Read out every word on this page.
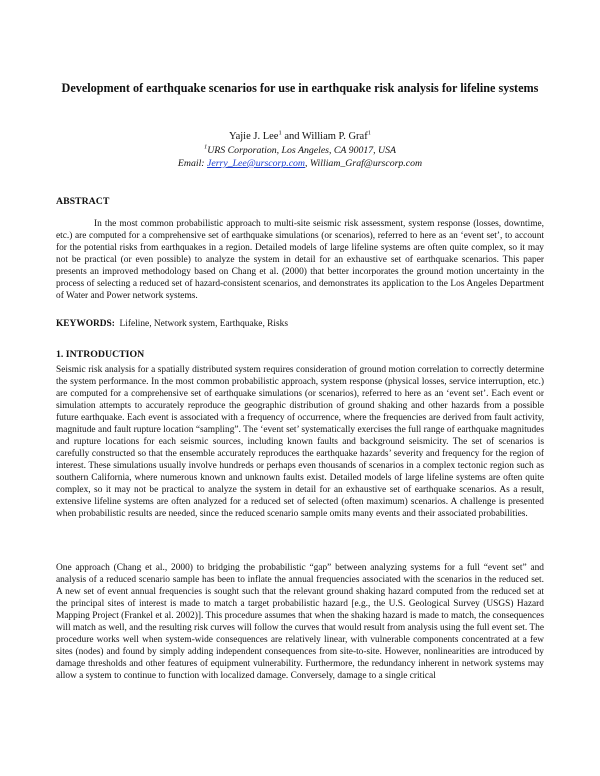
Development of earthquake scenarios for use in earthquake risk analysis for lifeline systems
Yajie J. Lee$^1$ and William P. Graf$^1$
$^1$URS Corporation, Los Angeles, CA 90017, USA
Email: Jerry_Lee@urscorp.com, William_Graf@urscorp.com
ABSTRACT
In the most common probabilistic approach to multi-site seismic risk assessment, system response (losses, downtime, etc.) are computed for a comprehensive set of earthquake simulations (or scenarios), referred to here as an ‘event set’, to account for the potential risks from earthquakes in a region. Detailed models of large lifeline systems are often quite complex, so it may not be practical (or even possible) to analyze the system in detail for an exhaustive set of earthquake scenarios. This paper presents an improved methodology based on Chang et al. (2000) that better incorporates the ground motion uncertainty in the process of selecting a reduced set of hazard-consistent scenarios, and demonstrates its application to the Los Angeles Department of Water and Power network systems.
KEYWORDS:  Lifeline, Network system, Earthquake, Risks
1. INTRODUCTION
Seismic risk analysis for a spatially distributed system requires consideration of ground motion correlation to correctly determine the system performance. In the most common probabilistic approach, system response (physical losses, service interruption, etc.) are computed for a comprehensive set of earthquake simulations (or scenarios), referred to here as an ‘event set’. Each event or simulation attempts to accurately reproduce the geographic distribution of ground shaking and other hazards from a possible future earthquake. Each event is associated with a frequency of occurrence, where the frequencies are derived from fault activity, magnitude and fault rupture location “sampling”. The ‘event set’ systematically exercises the full range of earthquake magnitudes and rupture locations for each seismic sources, including known faults and background seismicity. The set of scenarios is carefully constructed so that the ensemble accurately reproduces the earthquake hazards’ severity and frequency for the region of interest. These simulations usually involve hundreds or perhaps even thousands of scenarios in a complex tectonic region such as southern California, where numerous known and unknown faults exist. Detailed models of large lifeline systems are often quite complex, so it may not be practical to analyze the system in detail for an exhaustive set of earthquake scenarios. As a result, extensive lifeline systems are often analyzed for a reduced set of selected (often maximum) scenarios. A challenge is presented when probabilistic results are needed, since the reduced scenario sample omits many events and their associated probabilities.
One approach (Chang et al., 2000) to bridging the probabilistic “gap” between analyzing systems for a full “event set” and analysis of a reduced scenario sample has been to inflate the annual frequencies associated with the scenarios in the reduced set. A new set of event annual frequencies is sought such that the relevant ground shaking hazard computed from the reduced set at the principal sites of interest is made to match a target probabilistic hazard [e.g., the U.S. Geological Survey (USGS) Hazard Mapping Project (Frankel et al. 2002)]. This procedure assumes that when the shaking hazard is made to match, the consequences will match as well, and the resulting risk curves will follow the curves that would result from analysis using the full event set. The procedure works well when system-wide consequences are relatively linear, with vulnerable components concentrated at a few sites (nodes) and found by simply adding independent consequences from site-to-site. However, nonlinearities are introduced by damage thresholds and other features of equipment vulnerability. Furthermore, the redundancy inherent in network systems may allow a system to continue to function with localized damage. Conversely, damage to a single critical
